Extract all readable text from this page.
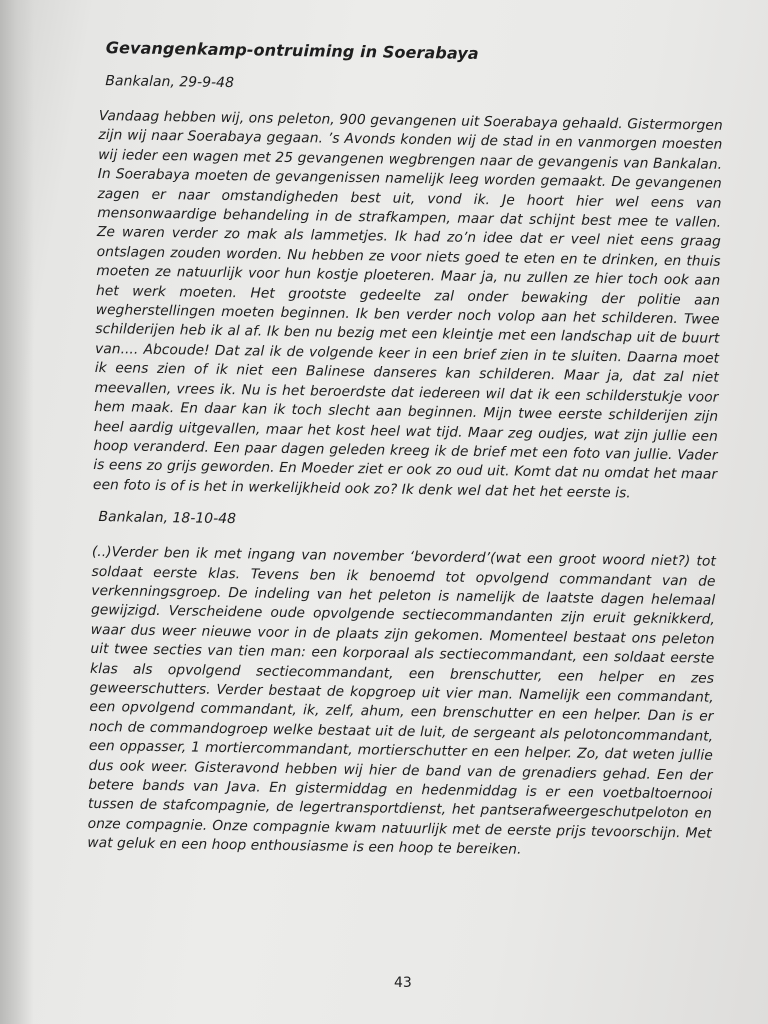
Gevangenkamp-ontruiming in Soerabaya
Bankalan, 29-9-48

Vandaag hebben wij, ons peleton, 900 gevangenen uit Soerabaya gehaald. Gistermorgen zijn wij naar Soerabaya gegaan. ’s Avonds konden wij de stad in en vanmorgen moesten wij ieder een wagen met 25 gevangenen wegbrengen naar de gevangenis van Bankalan. In Soerabaya moeten de gevangenissen namelijk leeg worden gemaakt. De gevangenen zagen er naar omstandigheden best uit, vond ik. Je hoort hier wel eens van mensonwaardige behandeling in de strafkampen, maar dat schijnt best mee te vallen. Ze waren verder zo mak als lammetjes. Ik had zo’n idee dat er veel niet eens graag ontslagen zouden worden. Nu hebben ze voor niets goed te eten en te drinken, en thuis moeten ze natuurlijk voor hun kostje ploeteren. Maar ja, nu zullen ze hier toch ook aan het werk moeten. Het grootste gedeelte zal onder bewaking der politie aan wegherstellingen moeten beginnen. Ik ben verder noch volop aan het schilderen. Twee schilderijen heb ik al af. Ik ben nu bezig met een kleintje met een landschap uit de buurt van.... Abcoude! Dat zal ik de volgende keer in een brief zien in te sluiten. Daarna moet ik eens zien of ik niet een Balinese danseres kan schilderen. Maar ja, dat zal niet meevallen, vrees ik. Nu is het beroerdste dat iedereen wil dat ik een schilderstukje voor hem maak. En daar kan ik toch slecht aan beginnen. Mijn twee eerste schilderijen zijn heel aardig uitgevallen, maar het kost heel wat tijd. Maar zeg oudjes, wat zijn jullie een hoop veranderd. Een paar dagen geleden kreeg ik de brief met een foto van jullie. Vader is eens zo grijs geworden. En Moeder ziet er ook zo oud uit. Komt dat nu omdat het maar een foto is of is het in werkelijkheid ook zo? Ik denk wel dat het het eerste is.

Bankalan, 18-10-48

(..)Verder ben ik met ingang van november ‘bevorderd’(wat een groot woord niet?) tot soldaat eerste klas. Tevens ben ik benoemd tot opvolgend commandant van de verkenningsgroep. De indeling van het peleton is namelijk de laatste dagen helemaal gewijzigd. Verscheidene oude opvolgende sectiecommandanten zijn eruit geknikkerd, waar dus weer nieuwe voor in de plaats zijn gekomen. Momenteel bestaat ons peleton uit twee secties van tien man: een korporaal als sectiecommandant, een soldaat eerste klas als opvolgend sectiecommandant, een brenschutter, een helper en zes geweerschutters. Verder bestaat de kopgroep uit vier man. Namelijk een commandant, een opvolgend commandant, ik, zelf, ahum, een brenschutter en een helper. Dan is er noch de commandogroep welke bestaat uit de luit, de sergeant als pelotoncommandant, een oppasser, 1 mortiercommandant, mortierschutter en een helper. Zo, dat weten jullie dus ook weer. Gisteravond hebben wij hier de band van de grenadiers gehad. Een der betere bands van Java. En gistermiddag en hedenmiddag is er een voetbaltoernooi tussen de stafcompagnie, de legertransportdienst, het pantserafweergeschutpeloton en onze compagnie. Onze compagnie kwam natuurlijk met de eerste prijs tevoorschijn. Met wat geluk en een hoop enthousiasme is een hoop te bereiken.

43
